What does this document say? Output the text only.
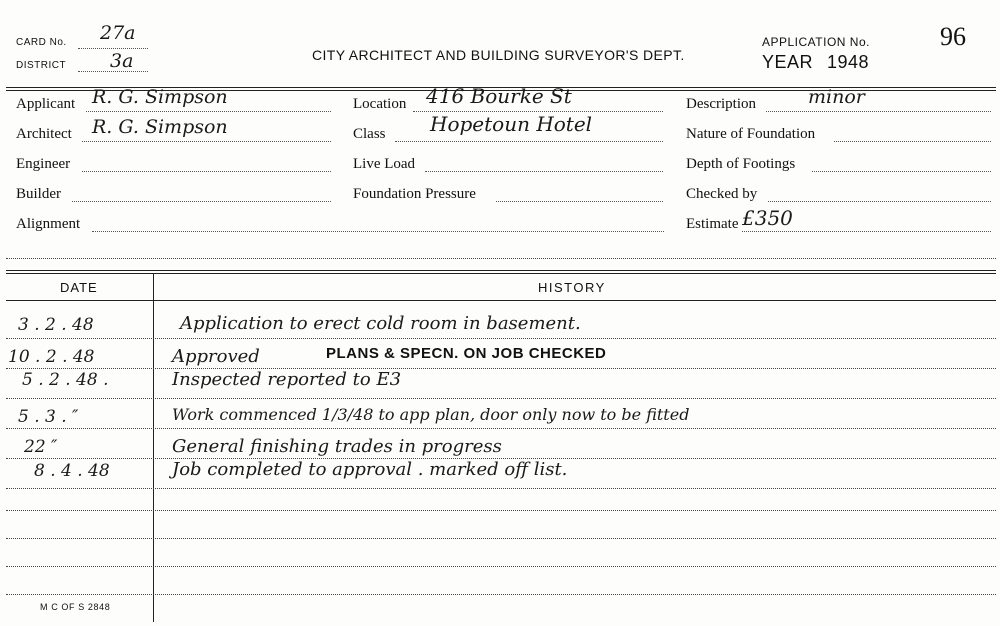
CARD No. 27a
DISTRICT 3a	CITY ARCHITECT AND BUILDING SURVEYOR'S DEPT.
APPLICATION No.	96
YEAR 1948
Applicant R. G. Simpson
Architect R. G. Simpson
Engineer
Builder
Alignment
Location 416 Bourke St
Class Hopetoun Hotel
Live Load
Foundation Pressure
Description	minor
Nature of Foundation
Depth of Footings
Checked by
Estimate £350
DATE	HISTORY
3 . 2 . 48	Application to erect cold room in basement.
10 . 2 . 48	Approved	PLANS & SPECN. ON JOB CHECKED
5 . 2 . 48 .	Inspected reported to E3
5 . 3 . ″	Work commenced 1/3/48 to app plan, door only now to be fitted
22 ″	General finishing trades in progress
8 . 4 . 48	Job completed to approval . marked off list.
M C OF S 2848
